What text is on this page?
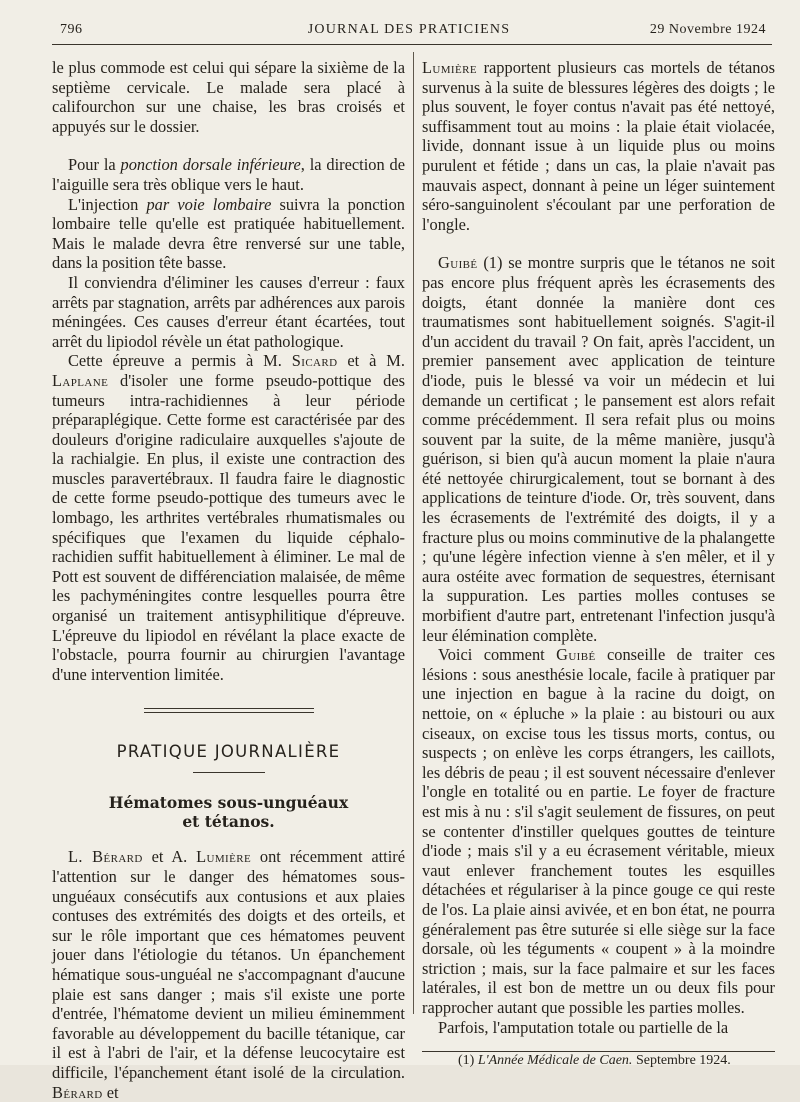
796	JOURNAL DES PRATICIENS	29 Novembre 1924

le plus commode est celui qui sépare la sixième de la septième cervicale. Le malade sera placé à califourchon sur une chaise, les bras croisés et appuyés sur le dossier.

Pour la ponction dorsale inférieure, la direction de l'aiguille sera très oblique vers le haut.

L'injection par voie lombaire suivra la ponction lombaire telle qu'elle est pratiquée habituellement. Mais le malade devra être renversé sur une table, dans la position tête basse.

Il conviendra d'éliminer les causes d'erreur : faux arrêts par stagnation, arrêts par adhérences aux parois méningées. Ces causes d'erreur étant écartées, tout arrêt du lipiodol révèle un état pathologique.

Cette épreuve a permis à M. Sicard et à M. Laplane d'isoler une forme pseudo-pottique des tumeurs intra-rachidiennes à leur période préparaplégique. Cette forme est caractérisée par des douleurs d'origine radiculaire auxquelles s'ajoute de la rachialgie. En plus, il existe une contraction des muscles paravertébraux. Il faudra faire le diagnostic de cette forme pseudo-pottique des tumeurs avec le lombago, les arthrites vertébrales rhumatismales ou spécifiques que l'examen du liquide céphalo-rachidien suffit habituellement à éliminer. Le mal de Pott est souvent de différenciation malaisée, de même les pachyméningites contre lesquelles pourra être organisé un traitement antisyphilitique d'épreuve. L'épreuve du lipiodol en révélant la place exacte de l'obstacle, pourra fournir au chirurgien l'avantage d'une intervention limitée.

PRATIQUE JOURNALIÈRE
Hématomes sous-unguéaux
et tétanos.

L. Bérard et A. Lumière ont récemment attiré l'attention sur le danger des hématomes sous-unguéaux consécutifs aux contusions et aux plaies contuses des extrémités des doigts et des orteils, et sur le rôle important que ces hématomes peuvent jouer dans l'étiologie du tétanos. Un épanchement hématique sous-unguéal ne s'accompagnant d'aucune plaie est sans danger ; mais s'il existe une porte d'entrée, l'hématome devient un milieu éminemment favorable au développement du bacille tétanique, car il est à l'abri de l'air, et la défense leucocytaire est difficile, l'épanchement étant isolé de la circulation. Bérard et

Lumière rapportent plusieurs cas mortels de tétanos survenus à la suite de blessures légères des doigts ; le plus souvent, le foyer contus n'avait pas été nettoyé, suffisamment tout au moins : la plaie était violacée, livide, donnant issue à un liquide plus ou moins purulent et fétide ; dans un cas, la plaie n'avait pas mauvais aspect, donnant à peine un léger suintement séro-sanguinolent s'écoulant par une perforation de l'ongle.

Guibé (1) se montre surpris que le tétanos ne soit pas encore plus fréquent après les écrasements des doigts, étant donnée la manière dont ces traumatismes sont habituellement soignés. S'agit-il d'un accident du travail ? On fait, après l'accident, un premier pansement avec application de teinture d'iode, puis le blessé va voir un médecin et lui demande un certificat ; le pansement est alors refait comme précédemment. Il sera refait plus ou moins souvent par la suite, de la même manière, jusqu'à guérison, si bien qu'à aucun moment la plaie n'aura été nettoyée chirurgicalement, tout se bornant à des applications de teinture d'iode. Or, très souvent, dans les écrasements de l'extrémité des doigts, il y a fracture plus ou moins comminutive de la phalangette ; qu'une légère infection vienne à s'en mêler, et il y aura ostéite avec formation de sequestres, éternisant la suppuration. Les parties molles contuses se morbifient d'autre part, entretenant l'infection jusqu'à leur élémination complète.

Voici comment Guibé conseille de traiter ces lésions : sous anesthésie locale, facile à pratiquer par une injection en bague à la racine du doigt, on nettoie, on « épluche » la plaie : au bistouri ou aux ciseaux, on excise tous les tissus morts, contus, ou suspects ; on enlève les corps étrangers, les caillots, les débris de peau ; il est souvent nécessaire d'enlever l'ongle en totalité ou en partie. Le foyer de fracture est mis à nu : s'il s'agit seulement de fissures, on peut se contenter d'instiller quelques gouttes de teinture d'iode ; mais s'il y a eu écrasement véritable, mieux vaut enlever franchement toutes les esquilles détachées et régulariser à la pince gouge ce qui reste de l'os. La plaie ainsi avivée, et en bon état, ne pourra généralement pas être suturée si elle siège sur la face dorsale, où les téguments « coupent » à la moindre striction ; mais, sur la face palmaire et sur les faces latérales, il est bon de mettre un ou deux fils pour rapprocher autant que possible les parties molles.

Parfois, l'amputation totale ou partielle de la

(1) L'Année Médicale de Caen. Septembre 1924.
